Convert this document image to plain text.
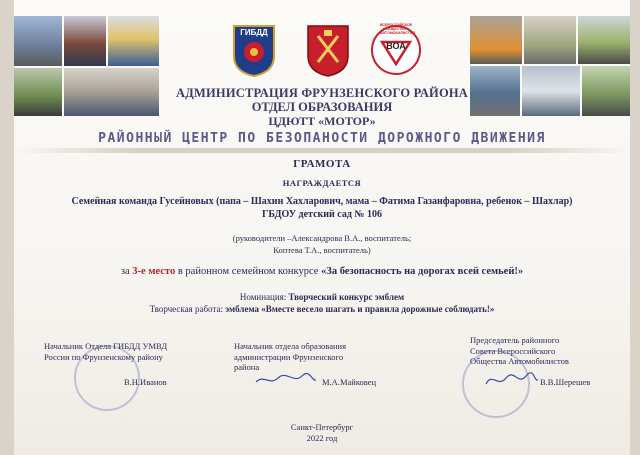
ГИБДД
ВСЕРОССИЙСКОЕ ОБЩЕСТВО АВТОМОБИЛИСТОВ
ВОА
АДМИНИСТРАЦИЯ ФРУНЗЕНСКОГО РАЙОНА
ОТДЕЛ ОБРАЗОВАНИЯ
ЦДЮТТ «МОТОР»
РАЙОННЫЙ ЦЕНТР ПО БЕЗОПАНОСТИ ДОРОЖНОГО ДВИЖЕНИЯ
ГРАМОТА
НАГРАЖДАЕТСЯ
Семейная команда Гусейновых (папа – Шахин Хахларович, мама – Фатима Газанфаровна, ребенок – Шахлар)
ГБДОУ детский сад № 106
(руководители –Александрова В.А., воспитатель;
Коптева Т.А., воспитатель)
за 3-е место в районном семейном конкурсе «За безопасность на дорогах всей семьей!»
Номинация: Творческий конкурс эмблем
Творческая работа: эмблема «Вместе весело шагать и правила дорожные соблюдать!»
Начальник Отдела ГИБДД УМВД
России по Фрунзенскому району
В.Н.Иванов
Начальник отдела образования
администрации Фрунзенского
района
М.А.Майковец
Председатель районного
Совета Всероссийского
Общества Автомобилистов
В.В.Шерешев
Санкт-Петербург
2022 год
